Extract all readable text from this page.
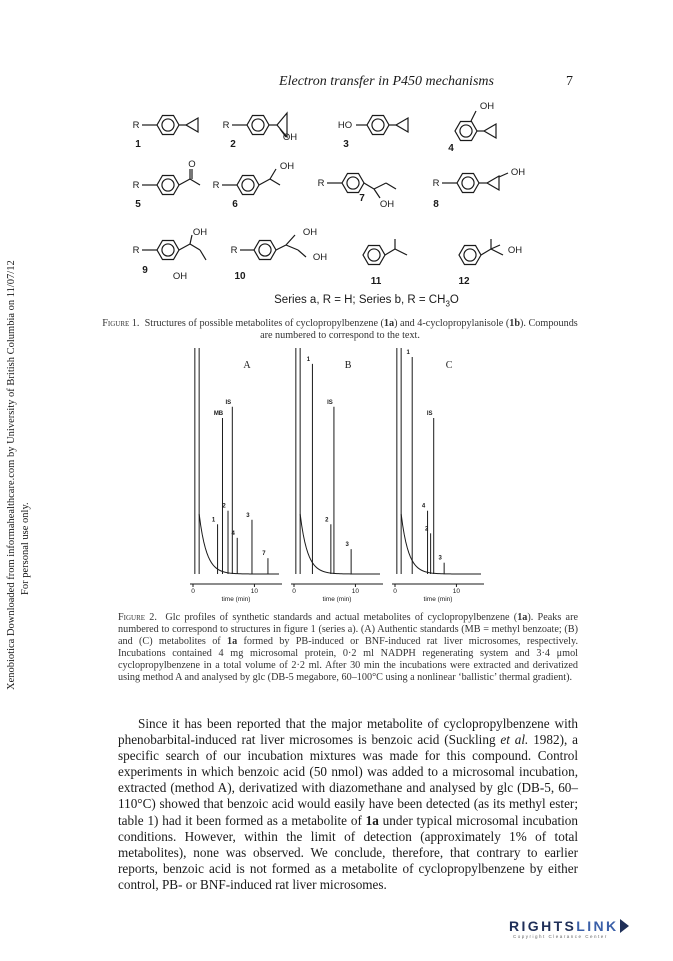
Xenobiotica Downloaded from informahealthcare.com by University of British Columbia on 11/07/12 For personal use only.
Electron transfer in P450 mechanisms	7
R
1
R
OH
2
HO
3
OH
4
R
O
5
R
OH
6
R
OH
7
R
OH
8
R
OH
OH
9
R
OH
OH
10	11
OH
12
Series a, R = H; Series b, $R = CH_3O$
Figure 1. Structures of possible metabolites of cyclopropylbenzene (1a) and 4-cyclopropylanisole (1b). Compounds are numbered to correspond to the text.
MB
IS
1
2
4
3
7
A
0	10
time (min)
1
IS
2
3
B
0	10
time (min)
1
IS
4
2
3
C
0	10
time (min)
Figure 2. Glc profiles of synthetic standards and actual metabolites of cyclopropylbenzene (1a). Peaks are numbered to correspond to structures in figure 1 (series a). (A) Authentic standards (MB = methyl benzoate; (B) and (C) metabolites of 1a formed by PB-induced or BNF-induced rat liver microsomes, respectively. Incubations contained 4 mg microsomal protein, 0·2 ml NADPH regenerating system and 3·4 μmol cyclopropylbenzene in a total volume of 2·2 ml. After 30 min the incubations were extracted and derivatized using method A and analysed by glc (DB-5 megabore, 60–100°C using a nonlinear ‘ballistic’ thermal gradient).
Since it has been reported that the major metabolite of cyclopropylbenzene with phenobarbital-induced rat liver microsomes is benzoic acid (Suckling et al. 1982), a specific search of our incubation mixtures was made for this compound. Control experiments in which benzoic acid (50 nmol) was added to a microsomal incubation, extracted (method A), derivatized with diazomethane and analysed by glc (DB-5, 60–110°C) showed that benzoic acid would easily have been detected (as its methyl ester; table 1) had it been formed as a metabolite of 1a under typical microsomal incubation conditions. However, within the limit of detection (approximately 1% of total metabolites), none was observed. We conclude, therefore, that contrary to earlier reports, benzoic acid is not formed as a metabolite of cyclopropylbenzene by either control, PB- or BNF-induced rat liver microsomes.
RIGHTSLINK
Copyright Clearance Center
